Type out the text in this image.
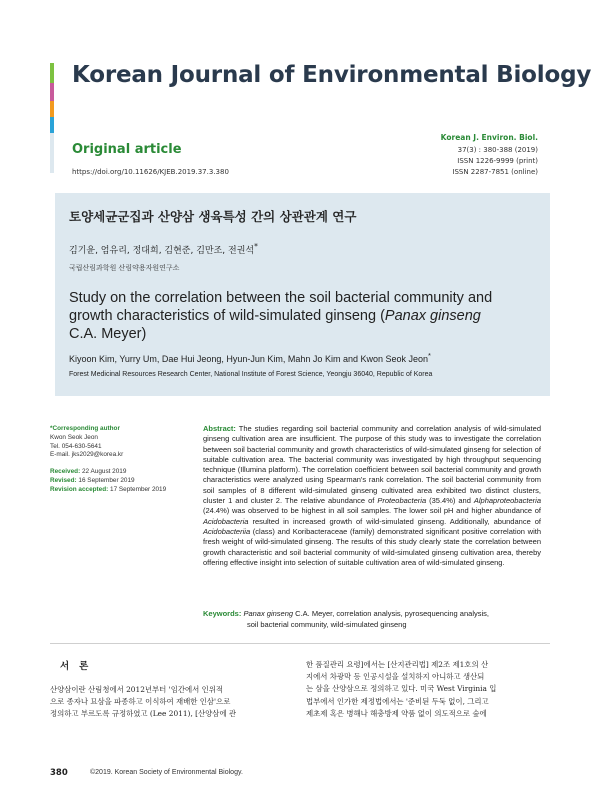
Korean Journal of Environmental Biology
Original article
https://doi.org/10.11626/KJEB.2019.37.3.380
Korean J. Environ. Biol.
37(3) : 380-388 (2019)
ISSN 1226-9999 (print)
ISSN 2287-7851 (online)
토양세균군집과 산양삼 생육특성 간의 상관관계 연구
김기윤, 엄유리, 정대희, 김현준, 김만조, 전권석*
국립산림과학원 산림약용자원연구소
Study on the correlation between the soil bacterial community and growth characteristics of wild-simulated ginseng (Panax ginseng
C.A. Meyer)
Kiyoon Kim, Yurry Um, Dae Hui Jeong, Hyun-Jun Kim, Mahn Jo Kim and Kwon Seok Jeon*
Forest Medicinal Resources Research Center, National Institute of Forest Science, Yeongju 36040, Republic of Korea
*Corresponding author
Kwon Seok Jeon
Tel. 054-630-5641
E-mail. jks2029@korea.kr
Received: 22 August 2019
Revised: 16 September 2019
Revision accepted: 17 September 2019
Abstract: The studies regarding soil bacterial community and correlation analysis of wild-simulated ginseng cultivation area are insufficient. The purpose of this study was to investigate the correlation between soil bacterial community and growth characteristics of wild-simulated ginseng for selection of suitable cultivation area. The bacterial community was investigated by high throughput sequencing technique (Illumina platform). The correlation coefficient between soil bacterial community and growth characteristics were analyzed using Spearman's rank correlation. The soil bacterial community from soil samples of 8 different wild-simulated ginseng cultivated area exhibited two distinct clusters, cluster 1 and cluster 2. The relative abundance of Proteobacteria (35.4%) and Alphaproteobacteria (24.4%) was observed to be highest in all soil samples. The lower soil pH and higher abundance of Acidobacteria resulted in increased growth of wild-simulated ginseng. Additionally, abundance of Acidobacteriia (class) and Koribacteraceae (family) demonstrated significant positive correlation with fresh weight of wild-simulated ginseng. The results of this study clearly state the correlation between growth characteristic and soil bacterial community of wild-simulated ginseng cultivation area, thereby offering effective insight into selection of suitable cultivation area of wild-simulated ginseng.
Keywords: Panax ginseng C.A. Meyer, correlation analysis, pyrosequencing analysis,
soil bacterial community, wild-simulated ginseng
서론
산양삼이란 산림청에서 2012년부터 '임간에서 인위적
으로 종자나 묘삼을 파종하고 이식하여 재배한 인삼'으로
정의하고 부르도록 규정하였고 (Lee 2011), [산양삼에 관
한 품질관리 요령]에서는 [산지관리법] 제2조 제1호의 산
지에서 차광막 등 인공시설을 설치하지 아니하고 생산되
는 삼을 산양삼으로 정의하고 있다. 미국 West Virginia 입
법부에서 인가한 제정법에서는 '준비된 두둑 없이, 그리고
제초제 혹은 병해나 해충방제 약품 없이 의도적으로 숲에
380	©2019. Korean Society of Environmental Biology.
